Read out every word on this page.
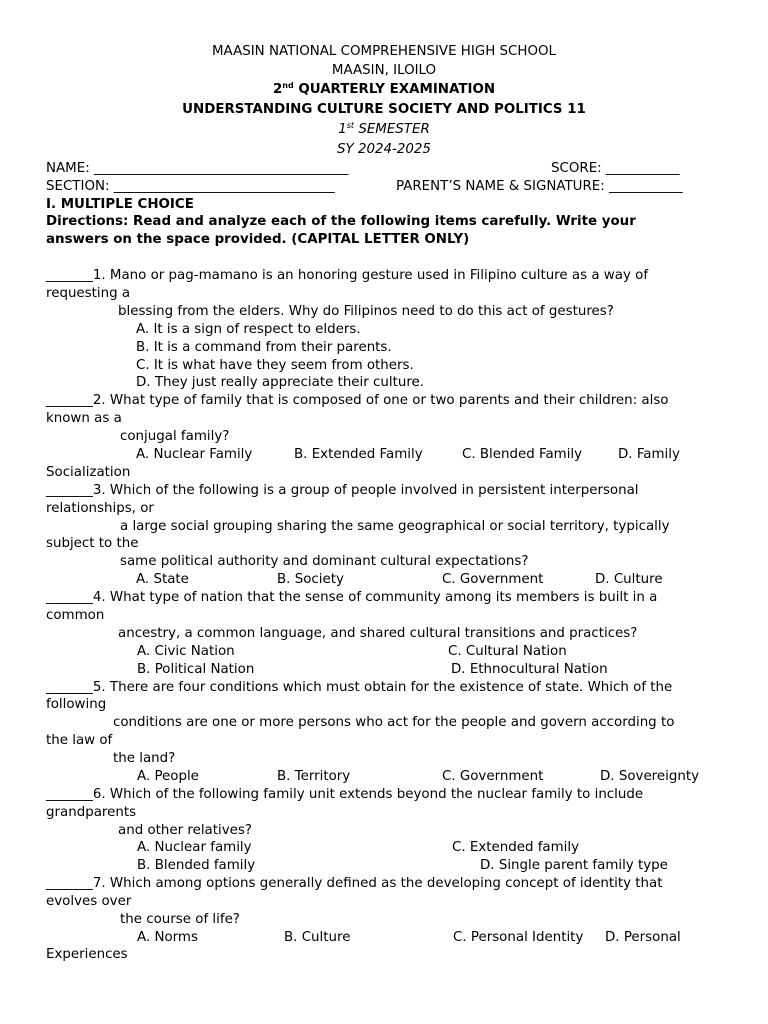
MAASIN NATIONAL COMPREHENSIVE HIGH SCHOOL
MAASIN, ILOILO
2nd QUARTERLY EXAMINATION
UNDERSTANDING CULTURE SOCIETY AND POLITICS 11
1st SEMESTER
SY 2024-2025
NAME: ______________________________________	SCORE: ___________
SECTION: _________________________________	PARENT’S NAME & SIGNATURE: ___________
I. MULTIPLE CHOICE
Directions: Read and analyze each of the following items carefully. Write your
answers on the space provided. (CAPITAL LETTER ONLY)
_______1. Mano or pag-mamano is an honoring gesture used in Filipino culture as a way of
requesting a
blessing from the elders. Why do Filipinos need to do this act of gestures?
A. It is a sign of respect to elders.
B. It is a command from their parents.
C. It is what have they seem from others.
D. They just really appreciate their culture.
_______2. What type of family that is composed of one or two parents and their children: also
known as a
conjugal family?
A. Nuclear Family	B. Extended Family	C. Blended Family	D. Family
Socialization
_______3. Which of the following is a group of people involved in persistent interpersonal
relationships, or
a large social grouping sharing the same geographical or social territory, typically
subject to the
same political authority and dominant cultural expectations?
A. State	B. Society	C. Government	D. Culture
_______4. What type of nation that the sense of community among its members is built in a
common
ancestry, a common language, and shared cultural transitions and practices?
A. Civic Nation	C. Cultural Nation
B. Political Nation	D. Ethnocultural Nation
_______5. There are four conditions which must obtain for the existence of state. Which of the
following
conditions are one or more persons who act for the people and govern according to
the law of
the land?
A. People	B. Territory	C. Government	D. Sovereignty
_______6. Which of the following family unit extends beyond the nuclear family to include
grandparents
and other relatives?
A. Nuclear family	C. Extended family
B. Blended family	D. Single parent family type
_______7. Which among options generally defined as the developing concept of identity that
evolves over
the course of life?
A. Norms	B. Culture	C. Personal Identity D. Personal
Experiences
